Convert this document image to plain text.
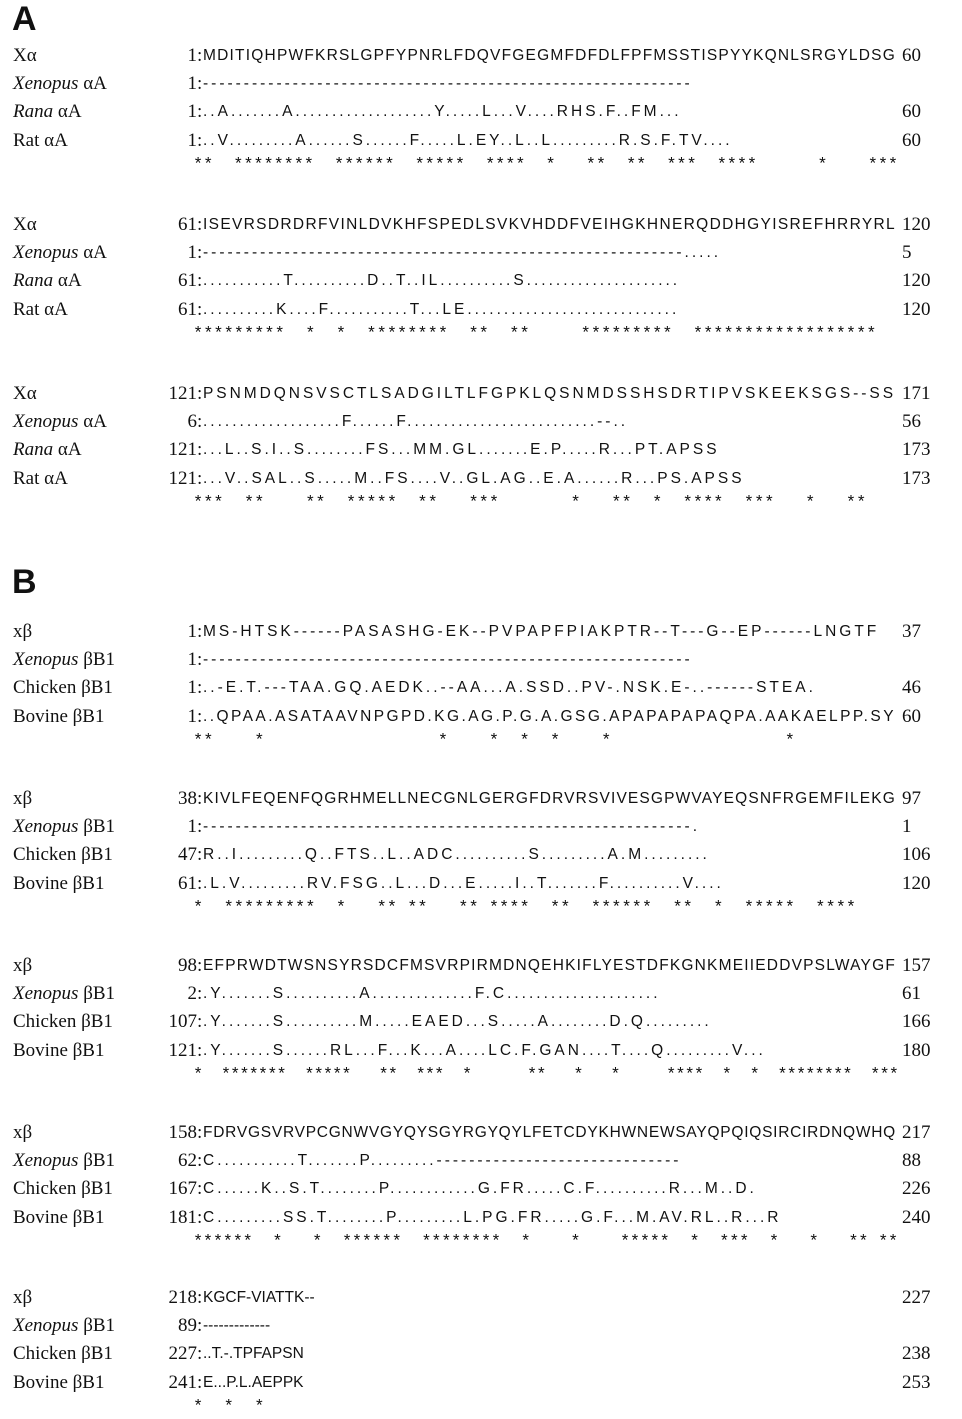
A
Xα	1 : MDITIQHPWFKRSLGPFYPNRLFDQVFGEGMFDFDLFPFMSSTISPYYKQNLSRGYLDSG 60
Xenopus αA	1 : ------------------------------------------------------------
Rana αA	1 : ..A.......A...................Y.....L...V....RHS.F..FM...	60
Rat αA	1 : ..V.........A......S......F.....L.EY..L..L.........R.S.F.TV....	60
**  ********  ******  *****  ****  *   **  **  ***  ****      *    ***
Xα	61 : ISEVRSDRDRFVINLDVKHFSPEDLSVKVHDDFVEIHGKHNERQDDHGYISREFHRRYRL 120
Xenopus αA	1 : -----------------------------------------------------------.....	5
Rana αA	61 : ...........T..........D..T..IL..........S.....................	120
Rat αA	61 : ..........K....F...........T...LE.............................	120
*********  *  *  ********  **  **     *********  ******************
Xα	121 : PSNMDQNSVSCTLSADGILTLFGPKLQSNMDSSHSDRTIPVSKEEKSGS--SS 171
Xenopus αA	6 : ...................F......F..........................--..	56
Rana αA	121 : ...L..S.I..S........FS...MM.GL.......E.P.....R...PT.APSS	173
Rat αA	121 : ...V..SAL..S.....M..FS....V..GL.AG..E.A......R...PS.APSS	173
***  **    **  *****  **   ***       *   **  *  ****  ***   *   **
B
xβ	1 : MS-HTSK------PASASHG-EK--PVPAPFPIAKPTR--T---G--EP------LNGTF 37
Xenopus βB1	1 : ------------------------------------------------------------
Chicken βB1	1 : ..-E.T.---TAA.GQ.AEDK..--AA...A.SSD..PV-.NSK.E-..------STEA.	46
Bovine βB1	1 : ..QPAA.ASATAAVNPGPD.KG.AG.P.G.A.GSG.APAPAPAPAQPA.AAKAELPP.SY 60
**    *                 *    *  *  *    *                 *
xβ	38 : KIVLFEQENFQGRHMELLNECGNLGERGFDRVRSVIVESGPWVAYEQSNFRGEMFILEKG 97
Xenopus βB1	1 : ------------------------------------------------------------.	1
Chicken βB1	47 : R..I.........Q..FTS..L..ADC..........S.........A.M.........	106
Bovine βB1	61 : .L.V.........RV.FSG..L...D...E.....I..T.......F..........V....	120
*  *********  *   ** **   ** ****  **  ******  **  *  *****  ****
xβ	98 : EFPRWDTWSNSYRSDCFMSVRPIRMDNQEHKIFLYESTDFKGNKMEIIEDDVPSLWAYGF 157
Xenopus βB1	2 : .Y.......S..........A..............F.C.....................	61
Chicken βB1	107 : .Y.......S..........M.....EAED...S.....A........D.Q.........	166
Bovine βB1	121 : .Y.......S......RL...F...K...A....LC.F.GAN....T....Q.........V...	180
*  *******  *****   **  ***  *      **   *   *     ****  *  *  ********  ***
xβ	158 : FDRVGSVRVPCGNWVGYQYSGYRGYQYLFETCDYKHWNEWSAYQPQIQSIRCIRDNQWHQ 217
Xenopus βB1	62 : C...........T.......P.........------------------------------	88
Chicken βB1	167 : C......K..S.T........P............G.FR.....C.F..........R...M..D.	226
Bovine βB1	181 : C.........SS.T........P.........L.PG.FR.....G.F...M.AV.RL..R...R	240
******  *   *  ******  ********  *    *    *****  *  ***  *   *   ** **
xβ	218 : KGCF-VIATTK--	227
Xenopus βB1	89 : -------------
Chicken βB1	227 : ..T.-.TPFAPSN	238
Bovine βB1	241 : E...P.L.AEPPK	253
*  *  *
